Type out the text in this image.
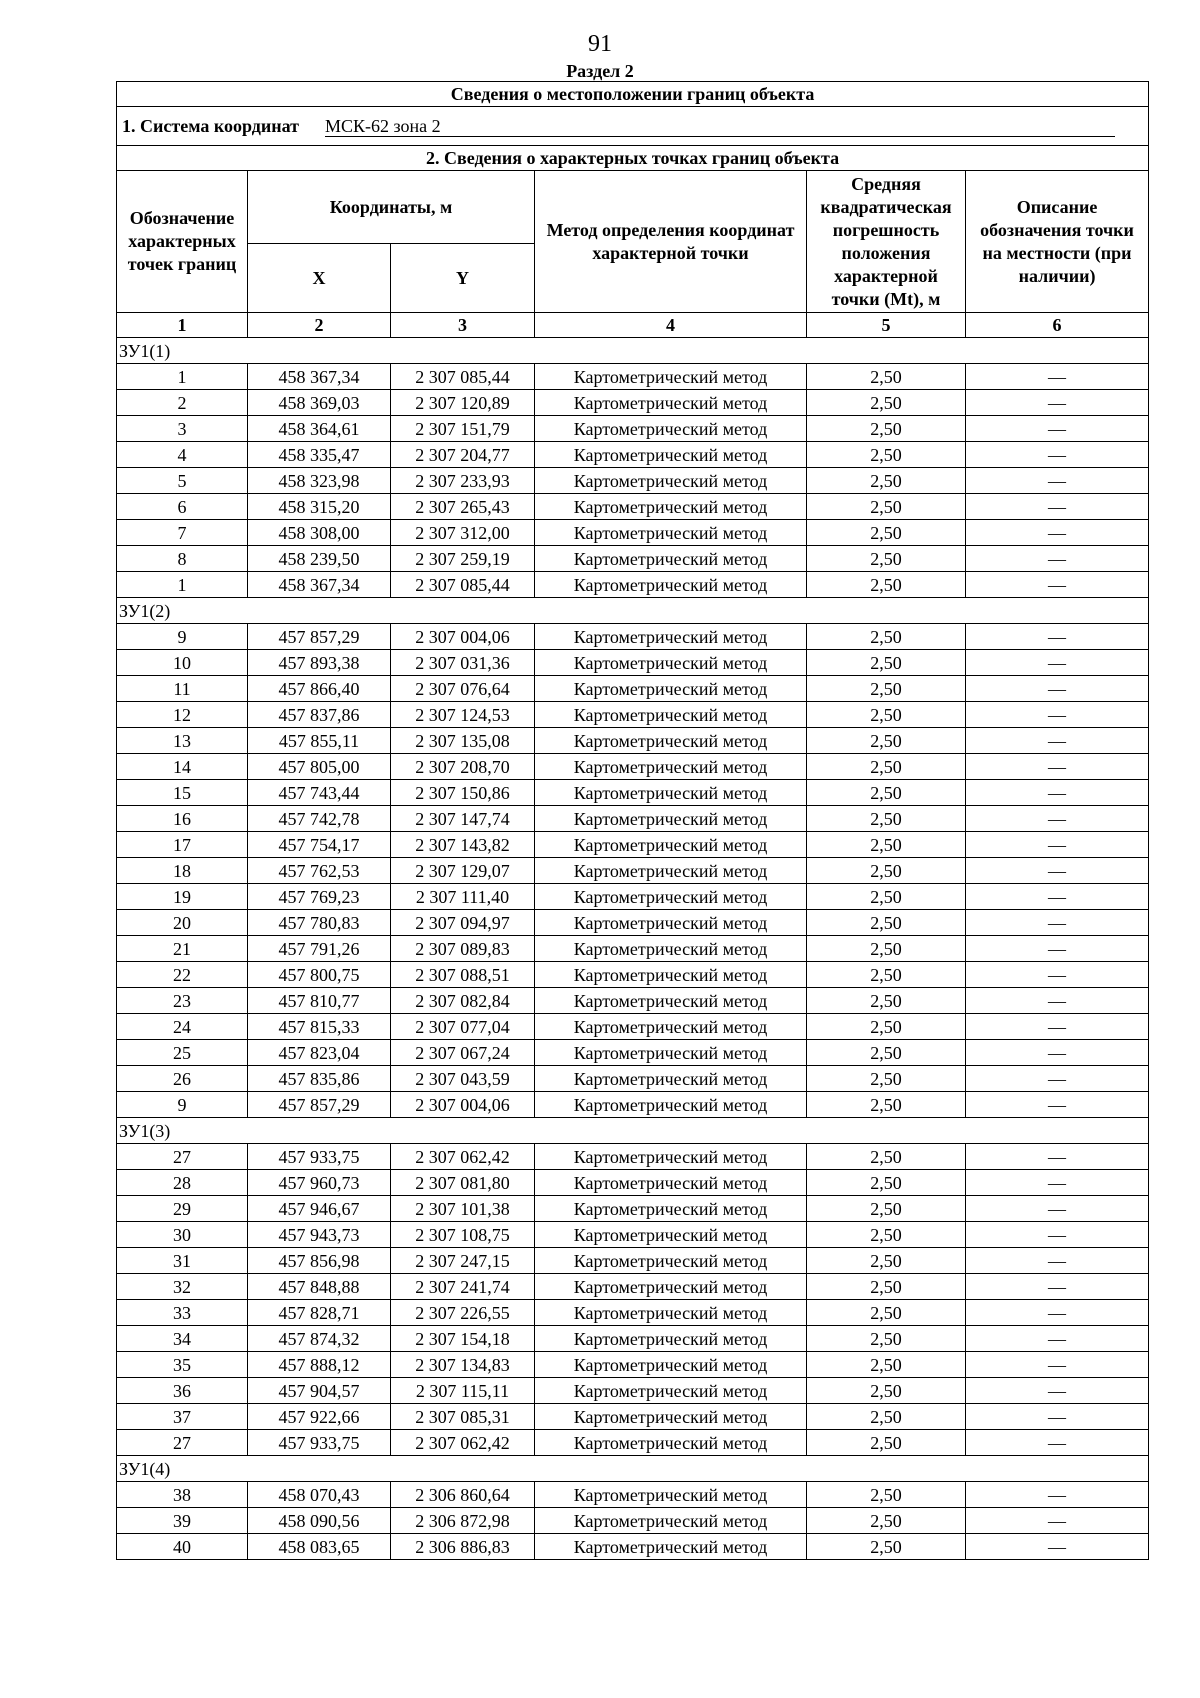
91
Раздел 2
Сведения о местоположении границ объекта					
1. Система координат МСК-62 зона 2					
2. Сведения о характерных точках границ объекта					
Обозначение характерных точек границ	Координаты, м		Метод определения координат характерной точки	Средняя квадратическая погрешность положения характерной точки (Mt), м	Описание обозначения точки на местности (при наличии)
	X	Y			
1	2	3	4	5	6
ЗУ1(1)					
1	458 367,34	2 307 085,44	Картометрический метод	2,50	—
2	458 369,03	2 307 120,89	Картометрический метод	2,50	—
3	458 364,61	2 307 151,79	Картометрический метод	2,50	—
4	458 335,47	2 307 204,77	Картометрический метод	2,50	—
5	458 323,98	2 307 233,93	Картометрический метод	2,50	—
6	458 315,20	2 307 265,43	Картометрический метод	2,50	—
7	458 308,00	2 307 312,00	Картометрический метод	2,50	—
8	458 239,50	2 307 259,19	Картометрический метод	2,50	—
1	458 367,34	2 307 085,44	Картометрический метод	2,50	—
ЗУ1(2)					
9	457 857,29	2 307 004,06	Картометрический метод	2,50	—
10	457 893,38	2 307 031,36	Картометрический метод	2,50	—
11	457 866,40	2 307 076,64	Картометрический метод	2,50	—
12	457 837,86	2 307 124,53	Картометрический метод	2,50	—
13	457 855,11	2 307 135,08	Картометрический метод	2,50	—
14	457 805,00	2 307 208,70	Картометрический метод	2,50	—
15	457 743,44	2 307 150,86	Картометрический метод	2,50	—
16	457 742,78	2 307 147,74	Картометрический метод	2,50	—
17	457 754,17	2 307 143,82	Картометрический метод	2,50	—
18	457 762,53	2 307 129,07	Картометрический метод	2,50	—
19	457 769,23	2 307 111,40	Картометрический метод	2,50	—
20	457 780,83	2 307 094,97	Картометрический метод	2,50	—
21	457 791,26	2 307 089,83	Картометрический метод	2,50	—
22	457 800,75	2 307 088,51	Картометрический метод	2,50	—
23	457 810,77	2 307 082,84	Картометрический метод	2,50	—
24	457 815,33	2 307 077,04	Картометрический метод	2,50	—
25	457 823,04	2 307 067,24	Картометрический метод	2,50	—
26	457 835,86	2 307 043,59	Картометрический метод	2,50	—
9	457 857,29	2 307 004,06	Картометрический метод	2,50	—
ЗУ1(3)					
27	457 933,75	2 307 062,42	Картометрический метод	2,50	—
28	457 960,73	2 307 081,80	Картометрический метод	2,50	—
29	457 946,67	2 307 101,38	Картометрический метод	2,50	—
30	457 943,73	2 307 108,75	Картометрический метод	2,50	—
31	457 856,98	2 307 247,15	Картометрический метод	2,50	—
32	457 848,88	2 307 241,74	Картометрический метод	2,50	—
33	457 828,71	2 307 226,55	Картометрический метод	2,50	—
34	457 874,32	2 307 154,18	Картометрический метод	2,50	—
35	457 888,12	2 307 134,83	Картометрический метод	2,50	—
36	457 904,57	2 307 115,11	Картометрический метод	2,50	—
37	457 922,66	2 307 085,31	Картометрический метод	2,50	—
27	457 933,75	2 307 062,42	Картометрический метод	2,50	—
ЗУ1(4)					
38	458 070,43	2 306 860,64	Картометрический метод	2,50	—
39	458 090,56	2 306 872,98	Картометрический метод	2,50	—
40	458 083,65	2 306 886,83	Картометрический метод	2,50	—
